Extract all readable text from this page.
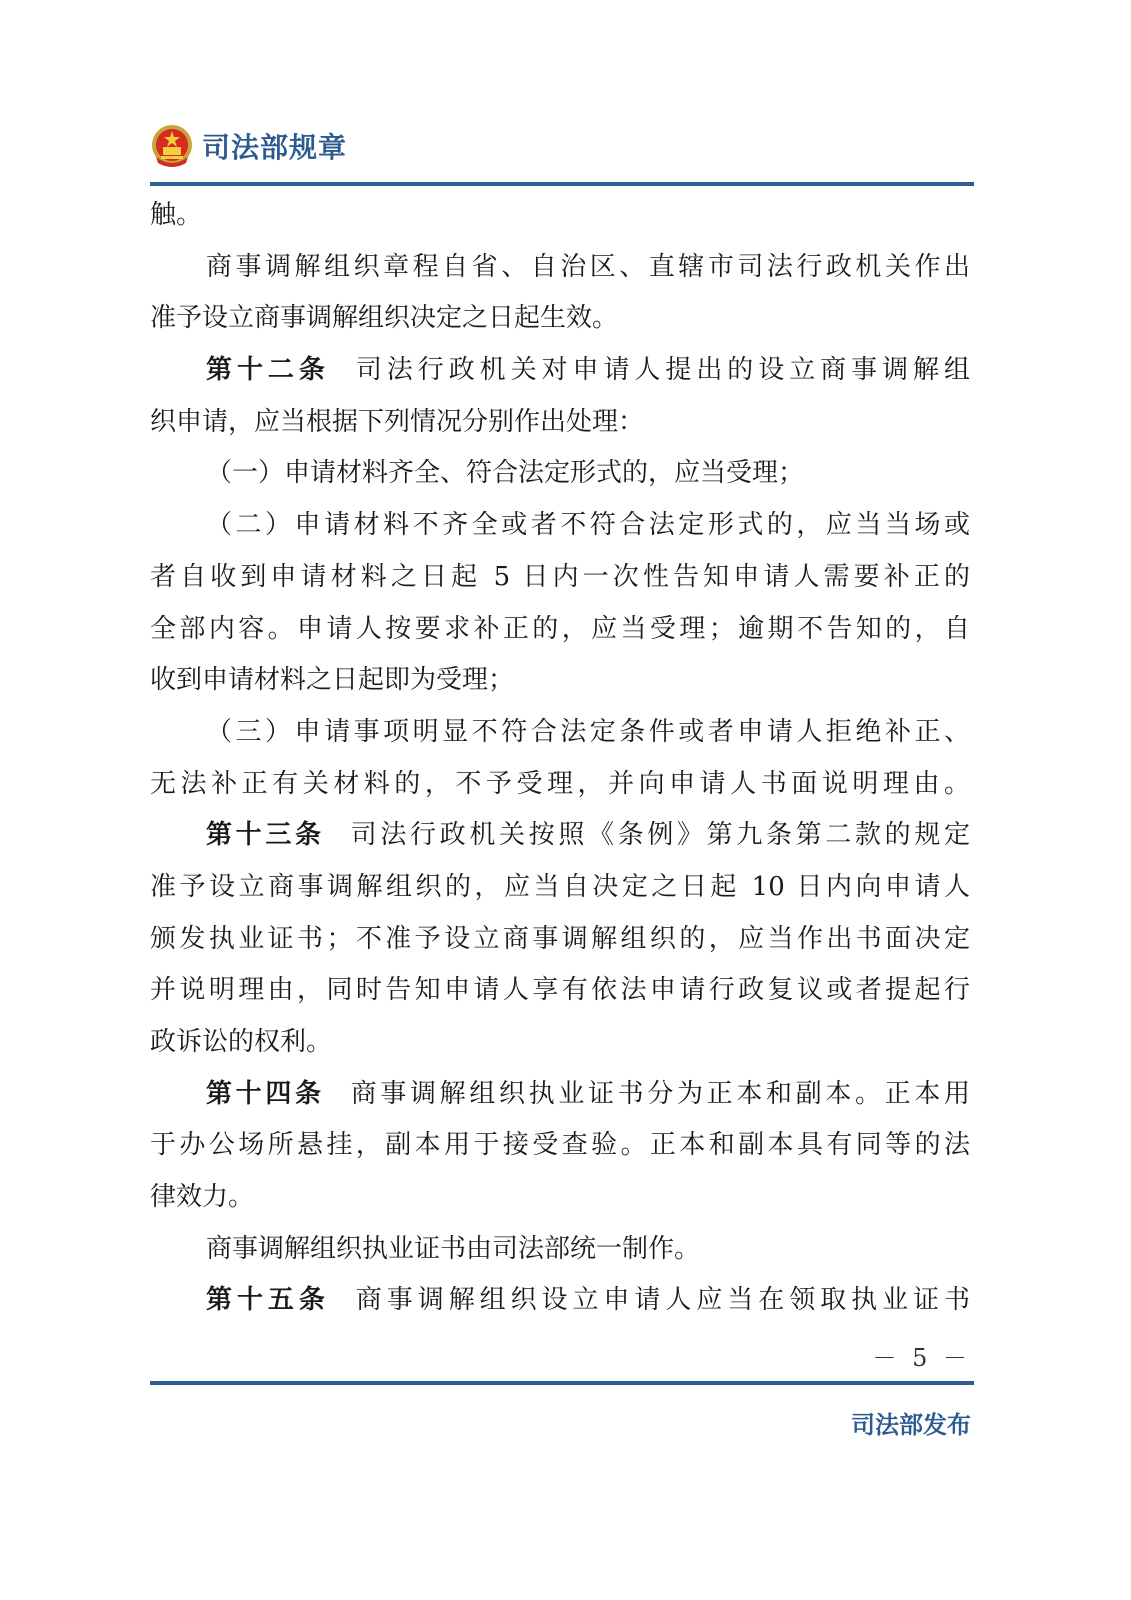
司法部规章
触。
商事调解组织章程自省、自治区、直辖市司法行政机关作出
准予设立商事调解组织决定之日起生效。
第十二条 司法行政机关对申请人提出的设立商事调解组
织申请，应当根据下列情况分别作出处理：
（一）申请材料齐全、符合法定形式的，应当受理；
（二）申请材料不齐全或者不符合法定形式的，应当当场或
者自收到申请材料之日起 5 日内一次性告知申请人需要补正的
全部内容。申请人按要求补正的，应当受理；逾期不告知的，自
收到申请材料之日起即为受理；
（三）申请事项明显不符合法定条件或者申请人拒绝补正、
无法补正有关材料的，不予受理，并向申请人书面说明理由。
第十三条 司法行政机关按照《条例》第九条第二款的规定
准予设立商事调解组织的，应当自决定之日起 10 日内向申请人
颁发执业证书；不准予设立商事调解组织的，应当作出书面决定
并说明理由，同时告知申请人享有依法申请行政复议或者提起行
政诉讼的权利。
第十四条 商事调解组织执业证书分为正本和副本。正本用
于办公场所悬挂，副本用于接受查验。正本和副本具有同等的法
律效力。
商事调解组织执业证书由司法部统一制作。
第十五条 商事调解组织设立申请人应当在领取执业证书
－ 5 －
司法部发布
